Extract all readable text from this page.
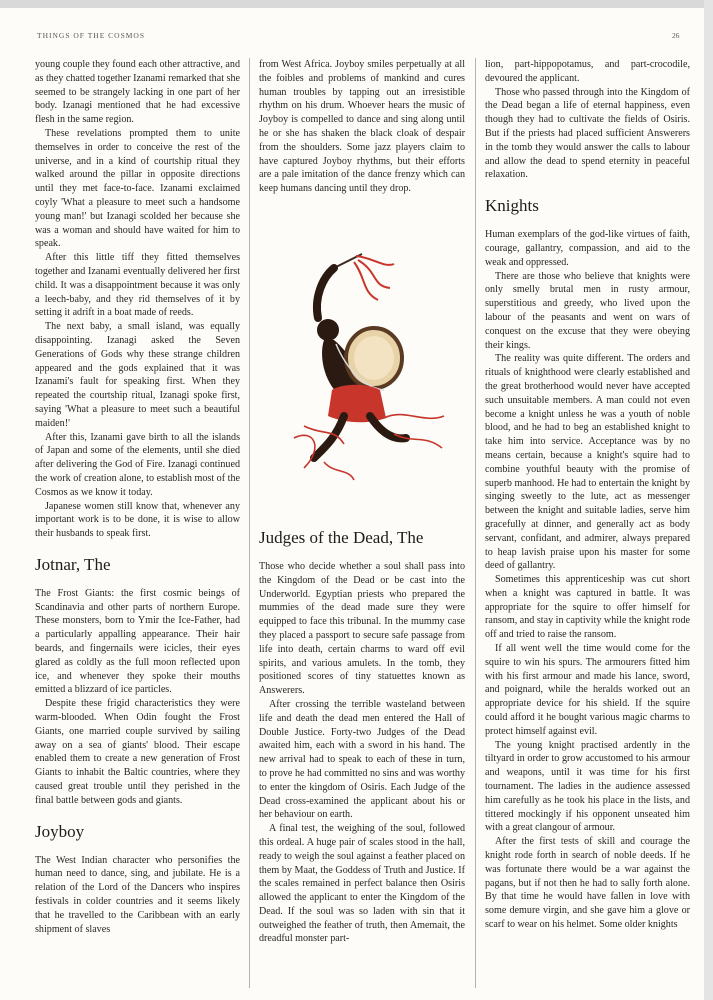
THINGS OF THE COSMOS	26

young couple they found each other attractive, and as they chatted together Izanami remarked that she seemed to be strangely lacking in one part of her body. Izanagi mentioned that he had excessive flesh in the same region.

These revelations prompted them to unite themselves in order to conceive the rest of the universe, and in a kind of courtship ritual they walked around the pillar in opposite directions until they met face-to-face. Izanami exclaimed coyly 'What a pleasure to meet such a handsome young man!' but Izanagi scolded her because she was a woman and should have waited for him to speak.

After this little tiff they fitted themselves together and Izanami eventually delivered her first child. It was a disappointment because it was only a leech-baby, and they rid themselves of it by setting it adrift in a boat made of reeds.

The next baby, a small island, was equally disappointing. Izanagi asked the Seven Generations of Gods why these strange children appeared and the gods explained that it was Izanami's fault for speaking first. When they repeated the courtship ritual, Izanagi spoke first, saying 'What a pleasure to meet such a beautiful maiden!'

After this, Izanami gave birth to all the islands of Japan and some of the elements, until she died after delivering the God of Fire. Izanagi continued the work of creation alone, to establish most of the Cosmos as we know it today.

Japanese women still know that, whenever any important work is to be done, it is wise to allow their husbands to speak first.

Jotnar, The

The Frost Giants: the first cosmic beings of Scandinavia and other parts of northern Europe. These monsters, born to Ymir the Ice-Father, had a particularly appalling appearance. Their hair beards, and fingernails were icicles, their eyes glared as coldly as the full moon reflected upon ice, and whenever they spoke their mouths emitted a blizzard of ice particles.

Despite these frigid characteristics they were warm-blooded. When Odin fought the Frost Giants, one married couple survived by sailing away on a sea of giants' blood. Their escape enabled them to create a new generation of Frost Giants to inhabit the Baltic countries, where they caused great trouble until they perished in the final battle between gods and giants.

Joyboy

The West Indian character who personifies the human need to dance, sing, and jubilate. He is a relation of the Lord of the Dancers who inspires festivals in colder countries and it seems likely that he travelled to the Caribbean with an early shipment of slaves

from West Africa. Joyboy smiles perpetually at all the foibles and problems of mankind and cures human troubles by tapping out an irresistible rhythm on his drum. Whoever hears the music of Joyboy is compelled to dance and sing along until he or she has shaken the black cloak of despair from the shoulders. Some jazz players claim to have captured Joyboy rhythms, but their efforts are a pale imitation of the dance frenzy which can keep humans dancing until they drop.

Judges of the Dead, The

Those who decide whether a soul shall pass into the Kingdom of the Dead or be cast into the Underworld. Egyptian priests who prepared the mummies of the dead made sure they were equipped to face this tribunal. In the mummy case they placed a passport to secure safe passage from life into death, certain charms to ward off evil spirits, and various amulets. In the tomb, they positioned scores of tiny statuettes known as Answerers.

After crossing the terrible wasteland between life and death the dead men entered the Hall of Double Justice. Forty-two Judges of the Dead awaited him, each with a sword in his hand. The new arrival had to speak to each of these in turn, to prove he had committed no sins and was worthy to enter the kingdom of Osiris. Each Judge of the Dead cross-examined the applicant about his or her behaviour on earth.

A final test, the weighing of the soul, followed this ordeal. A huge pair of scales stood in the hall, ready to weigh the soul against a feather placed on them by Maat, the Goddess of Truth and Justice. If the scales remained in perfect balance then Osiris allowed the applicant to enter the Kingdom of the Dead. If the soul was so laden with sin that it outweighed the feather of truth, then Amemait, the dreadful monster part-

lion, part-hippopotamus, and part-crocodile, devoured the applicant.

Those who passed through into the Kingdom of the Dead began a life of eternal happiness, even though they had to cultivate the fields of Osiris. But if the priests had placed sufficient Answerers in the tomb they would answer the calls to labour and allow the dead to spend eternity in peaceful relaxation.

Knights

Human exemplars of the god-like virtues of faith, courage, gallantry, compassion, and aid to the weak and oppressed.

There are those who believe that knights were only smelly brutal men in rusty armour, superstitious and greedy, who lived upon the labour of the peasants and went on wars of conquest on the excuse that they were obeying their kings.

The reality was quite different. The orders and rituals of knighthood were clearly established and the great brotherhood would never have accepted such unsuitable members. A man could not even become a knight unless he was a youth of noble blood, and he had to beg an established knight to take him into service. Acceptance was by no means certain, because a knight's squire had to combine youthful beauty with the promise of superb manhood. He had to entertain the knight by singing sweetly to the lute, act as messenger between the knight and suitable ladies, serve him gracefully at dinner, and generally act as body servant, confidant, and admirer, always prepared to heap lavish praise upon his master for some deed of gallantry.

Sometimes this apprenticeship was cut short when a knight was captured in battle. It was appropriate for the squire to offer himself for ransom, and stay in captivity while the knight rode off and tried to raise the ransom.

If all went well the time would come for the squire to win his spurs. The armourers fitted him with his first armour and made his lance, sword, and poignard, while the heralds worked out an appropriate device for his shield. If the squire could afford it he bought various magic charms to protect himself against evil.

The young knight practised ardently in the tiltyard in order to grow accustomed to his armour and weapons, until it was time for his first tournament. The ladies in the audience assessed him carefully as he took his place in the lists, and tittered mockingly if his opponent unseated him with a great clangour of armour.

After the first tests of skill and courage the knight rode forth in search of noble deeds. If he was fortunate there would be a war against the pagans, but if not then he had to sally forth alone. By that time he would have fallen in love with some demure virgin, and she gave him a glove or scarf to wear on his helmet. Some older knights
